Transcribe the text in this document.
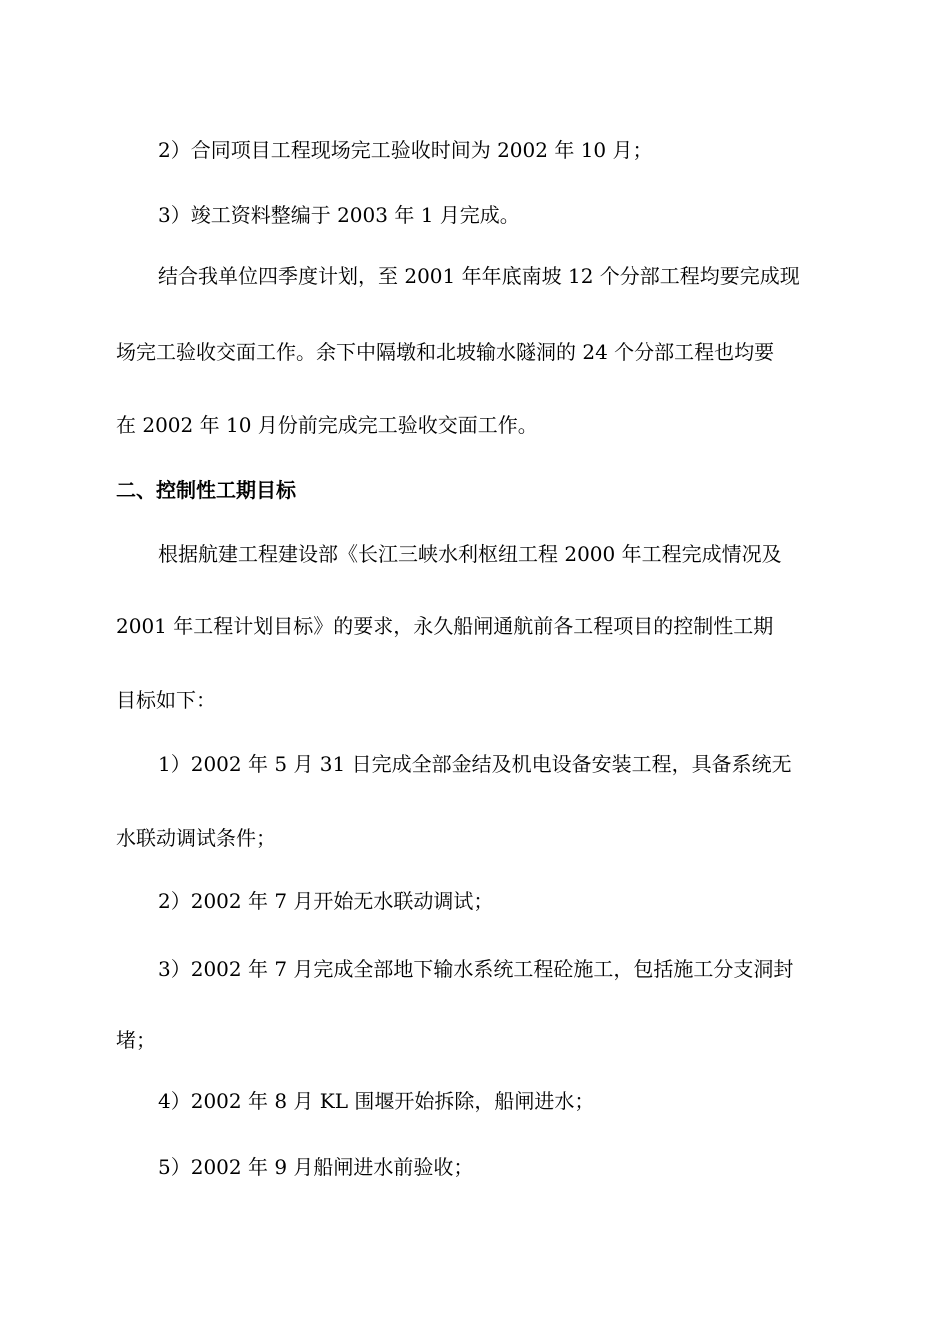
2）合同项目工程现场完工验收时间为 2002 年 10 月；
3）竣工资料整编于 2003 年 1 月完成。
结合我单位四季度计划，至 2001 年年底南坡 12 个分部工程均要完成现
场完工验收交面工作。余下中隔墩和北坡输水隧洞的 24 个分部工程也均要
在 2002 年 10 月份前完成完工验收交面工作。
二、控制性工期目标
根据航建工程建设部《长江三峡水利枢纽工程 2000 年工程完成情况及
2001 年工程计划目标》的要求，永久船闸通航前各工程项目的控制性工期
目标如下：
1）2002 年 5 月 31 日完成全部金结及机电设备安装工程，具备系统无
水联动调试条件；
2）2002 年 7 月开始无水联动调试；
3）2002 年 7 月完成全部地下输水系统工程砼施工，包括施工分支洞封
堵；
4）2002 年 8 月 KL 围堰开始拆除，船闸进水；
5）2002 年 9 月船闸进水前验收；
